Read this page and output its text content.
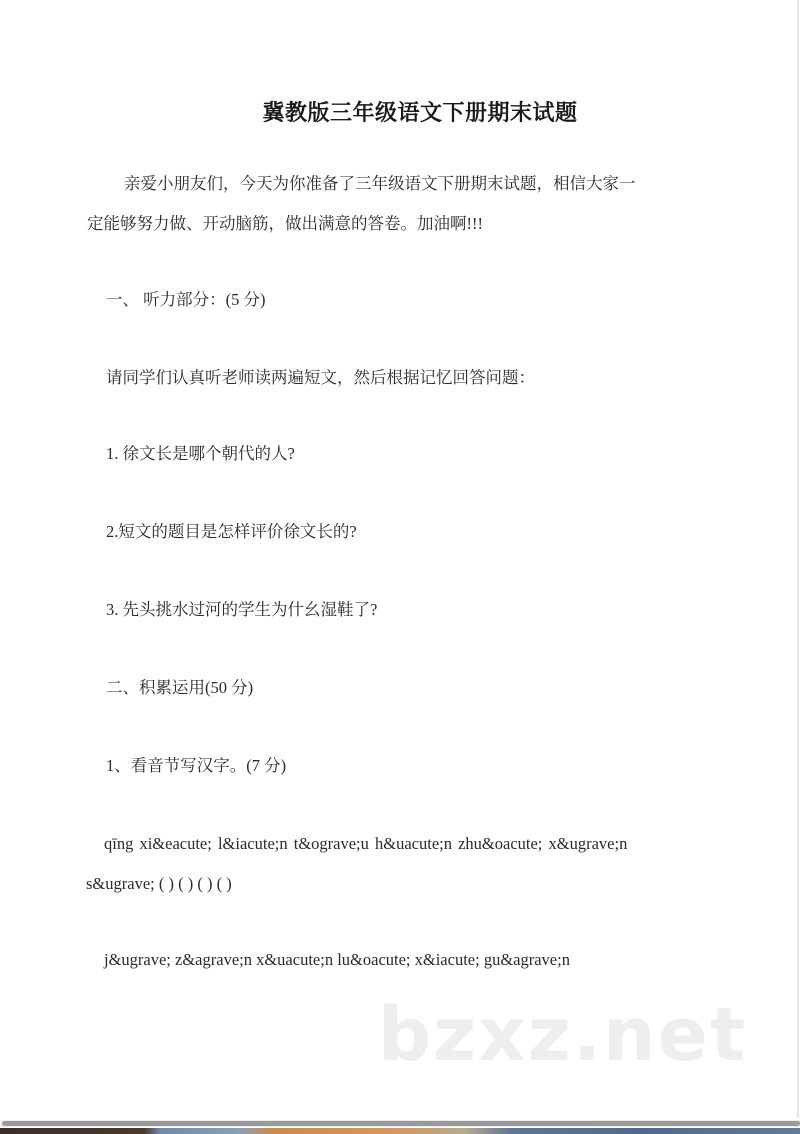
冀教版三年级语文下册期末试题
亲爱小朋友们，今天为你准备了三年级语文下册期末试题，相信大家一
定能够努力做、开动脑筋，做出满意的答卷。加油啊!!!
一、 听力部分：(5 分)
请同学们认真听老师读两遍短文，然后根据记忆回答问题：
1. 徐文长是哪个朝代的人?
2.短文的题目是怎样评价徐文长的?
3. 先头挑水过河的学生为什幺湿鞋了?
二、积累运用(50 分)
1、看音节写汉字。(7 分)
qīng xi&eacute; l&iacute;n t&ograve;u h&uacute;n zhu&oacute; x&ugrave;n
s&ugrave; ( ) ( ) ( ) ( )
j&ugrave; z&agrave;n x&uacute;n lu&oacute; x&iacute; gu&agrave;n
bzxz.net
